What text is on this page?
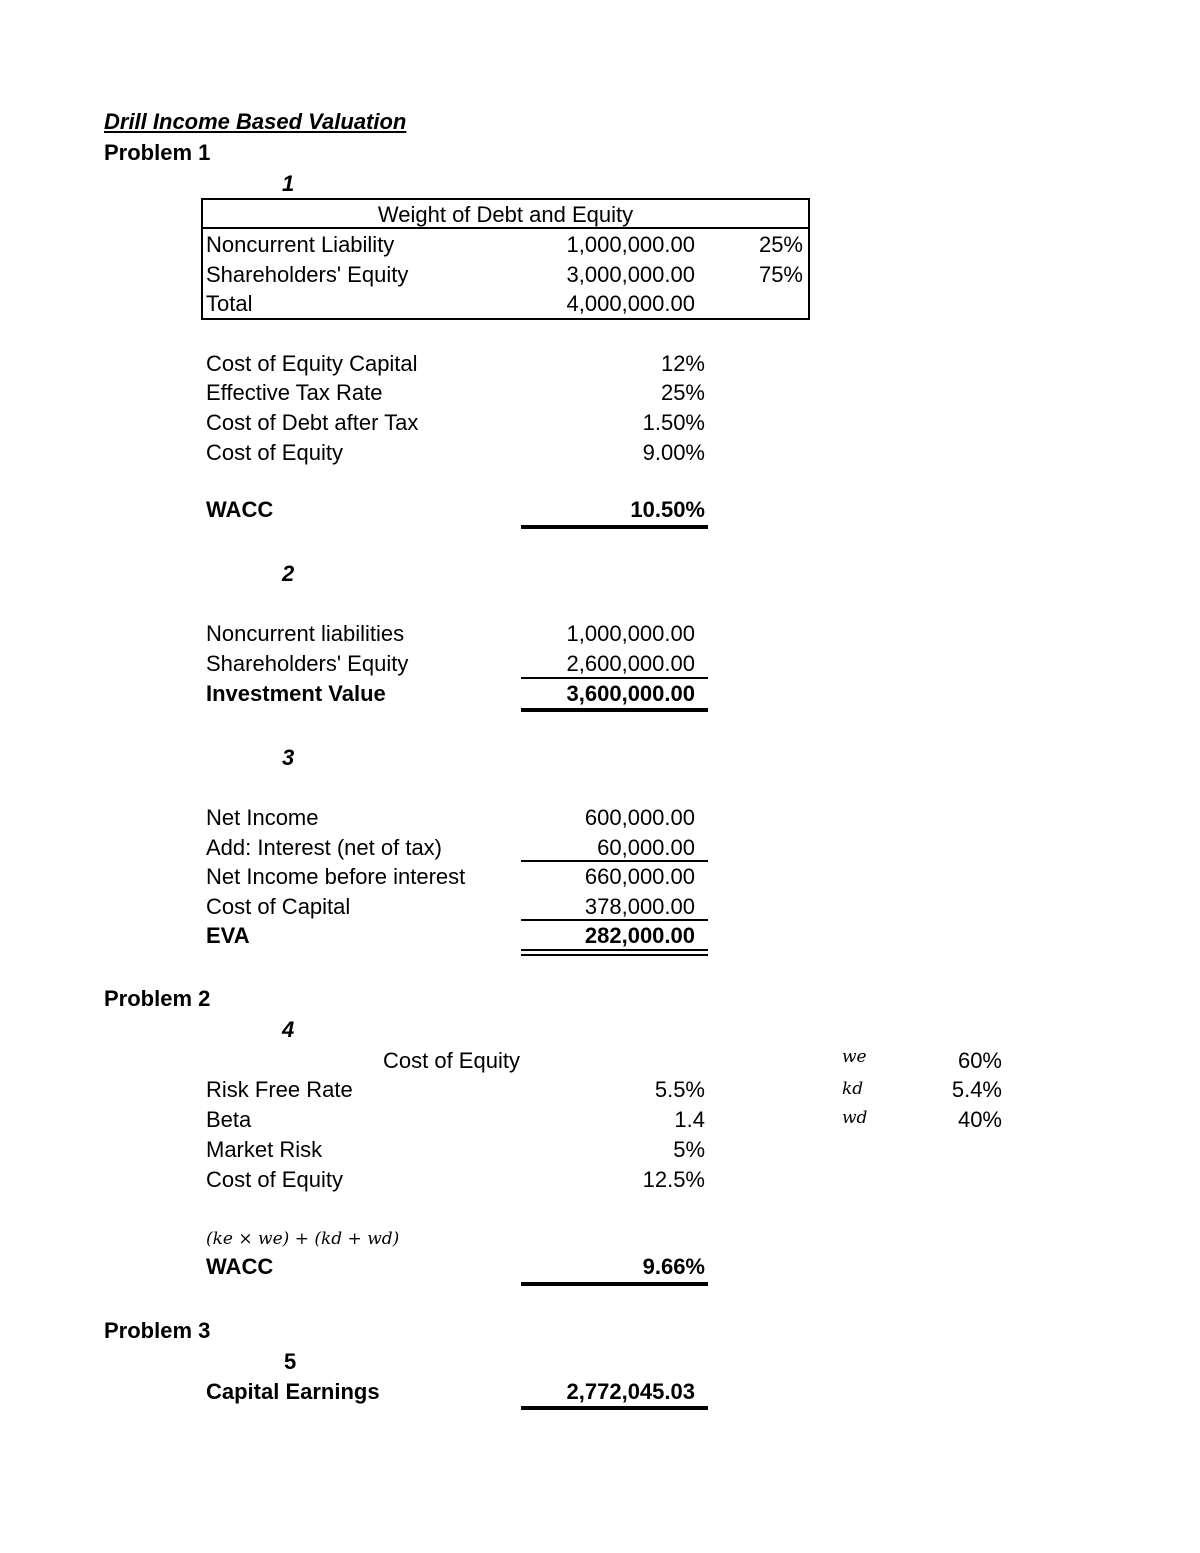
Drill Income Based Valuation
Problem 1
1
Weight of Debt and Equity
Noncurrent Liability	1,000,000.00	25%
Shareholders' Equity	3,000,000.00	75%
Total	4,000,000.00
Cost of Equity Capital	12%
Effective Tax Rate	25%
Cost of Debt after Tax	1.50%
Cost of Equity	9.00%
WACC	10.50%
2
Noncurrent liabilities	1,000,000.00
Shareholders' Equity	2,600,000.00
Investment Value	3,600,000.00
3
Net Income	600,000.00
Add: Interest (net of tax)	60,000.00
Net Income before interest	660,000.00
Cost of Capital	378,000.00
EVA	282,000.00
Problem 2
4
Cost of Equity
Risk Free Rate	5.5%
Beta	1.4
Market Risk	5%
Cost of Equity	12.5%
we	60%
kd	5.4%
wd	40%
(ke × we) + (kd + wd)
WACC	9.66%
Problem 3
5
Capital Earnings	2,772,045.03
